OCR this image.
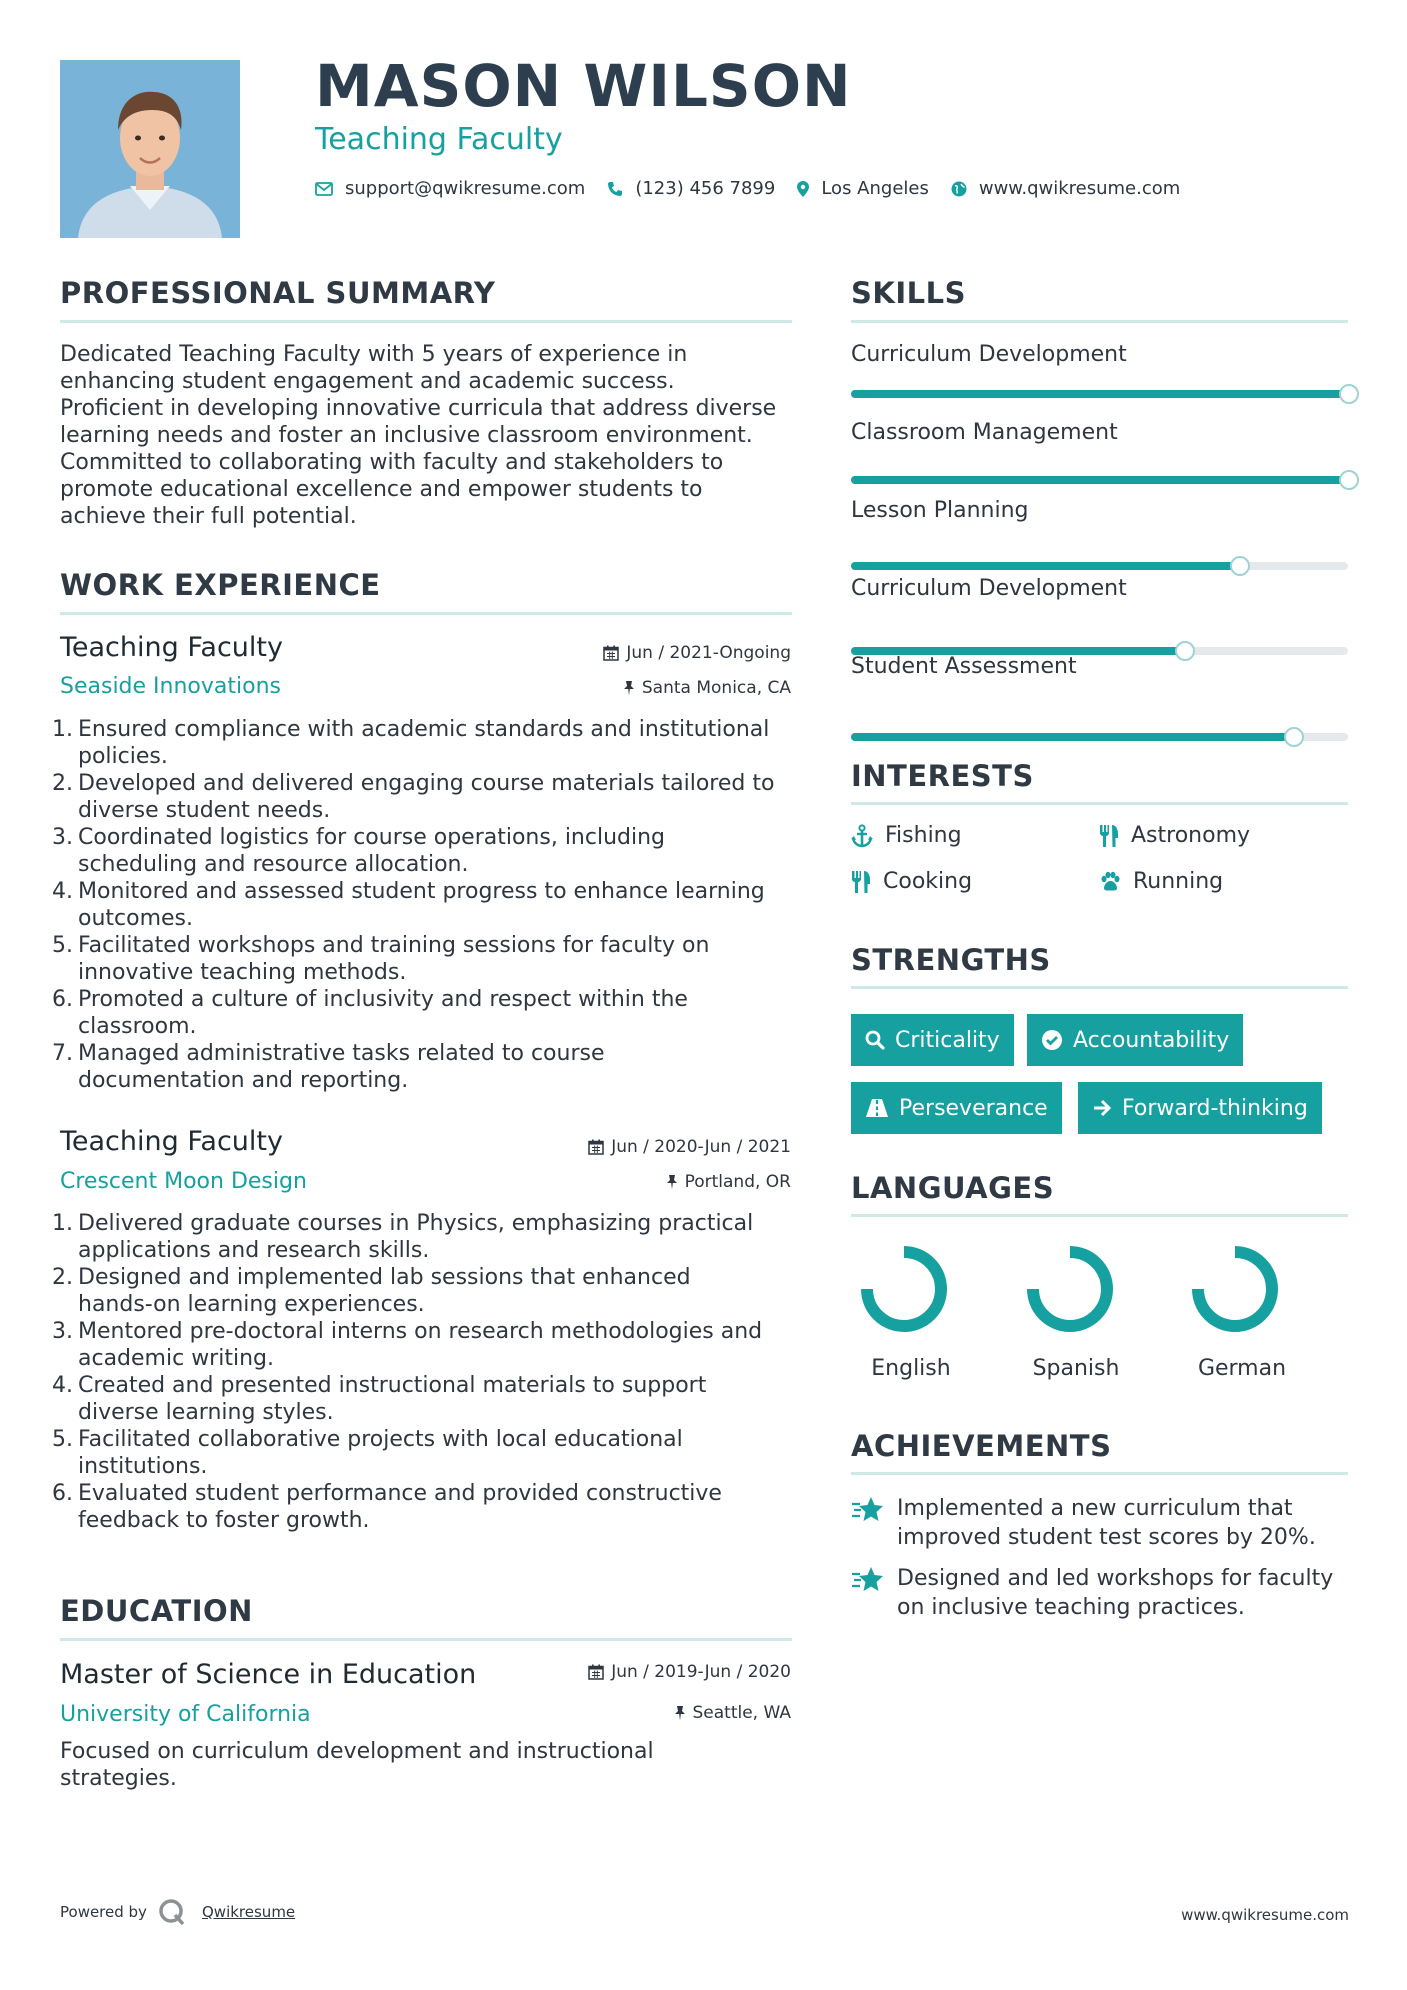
MASON WILSON
Teaching Faculty
support@qwikresume.com	(123) 456 7899	Los Angeles	www.qwikresume.com
PROFESSIONAL SUMMARY
Dedicated Teaching Faculty with 5 years of experience in
enhancing student engagement and academic success.
Proficient in developing innovative curricula that address diverse
learning needs and foster an inclusive classroom environment.
Committed to collaborating with faculty and stakeholders to
promote educational excellence and empower students to
achieve their full potential.
WORK EXPERIENCE
Teaching Faculty
Seaside Innovations
Jun / 2021-Ongoing
Santa Monica, CA
1. Ensured compliance with academic standards and institutional
policies.
2. Developed and delivered engaging course materials tailored to
diverse student needs.
3. Coordinated logistics for course operations, including
scheduling and resource allocation.
4. Monitored and assessed student progress to enhance learning
outcomes.
5. Facilitated workshops and training sessions for faculty on
innovative teaching methods.
6. Promoted a culture of inclusivity and respect within the
classroom.
7. Managed administrative tasks related to course
documentation and reporting.
Teaching Faculty
Crescent Moon Design
Jun / 2020-Jun / 2021
Portland, OR
1. Delivered graduate courses in Physics, emphasizing practical
applications and research skills.
2. Designed and implemented lab sessions that enhanced
hands-on learning experiences.
3. Mentored pre-doctoral interns on research methodologies and
academic writing.
4. Created and presented instructional materials to support
diverse learning styles.
5. Facilitated collaborative projects with local educational
institutions.
6. Evaluated student performance and provided constructive
feedback to foster growth.
EDUCATION
Master of Science in Education
University of California
Jun / 2019-Jun / 2020
Seattle, WA
Focused on curriculum development and instructional
strategies.
SKILLS
Curriculum Development
Classroom Management
Lesson Planning
Curriculum Development
Student Assessment
INTERESTS
Fishing	Astronomy
Cooking	Running
STRENGTHS
Criticality	Accountability
Perseverance	Forward-thinking
LANGUAGES
English	Spanish	German
ACHIEVEMENTS
Implemented a new curriculum that
improved student test scores by 20%.
Designed and led workshops for faculty
on inclusive teaching practices.
Powered by	Qwikresume	www.qwikresume.com
